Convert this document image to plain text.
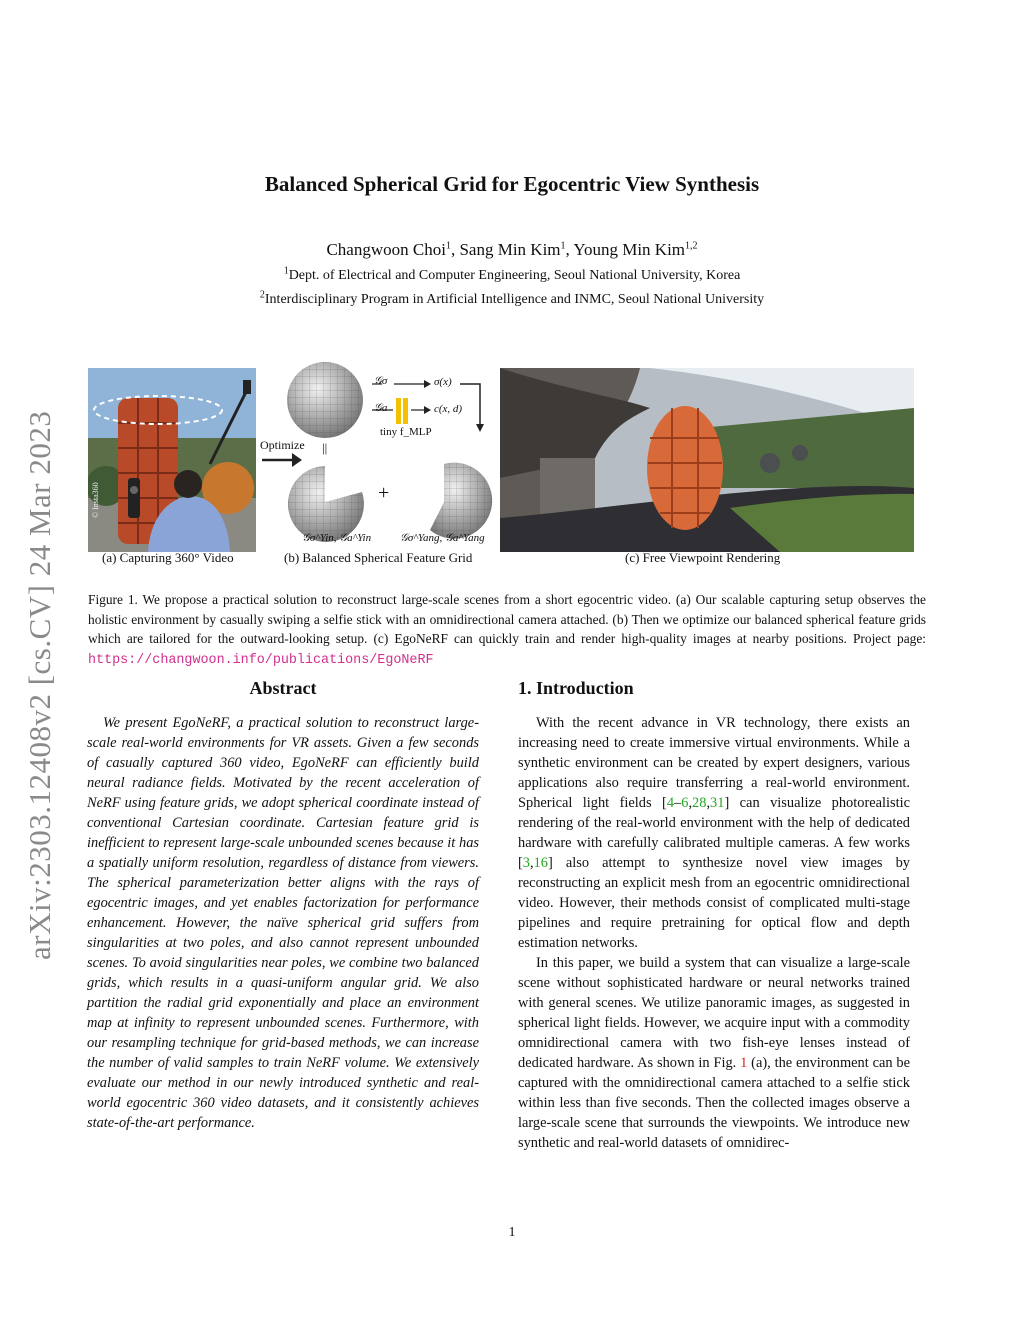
arXiv:2303.12408v2 [cs.CV] 24 Mar 2023
Balanced Spherical Grid for Egocentric View Synthesis
Changwoon Choi$^1$, Sang Min Kim$^1$, Young Min Kim$^{1,2}$
$^1$Dept. of Electrical and Computer Engineering, Seoul National University, Korea
$^2$Interdisciplinary Program in Artificial Intelligence and INMC, Seoul National University
© Insta360
𝒢σ
𝒢a
σ(x)
c(x, d)
tiny f_MLP
Optimize ||
+
𝒢σ^Yin, 𝒢a^Yin	𝒢σ^Yang, 𝒢a^Yang
(a) Capturing 360° Video	(b) Balanced Spherical Feature Grid	(c) Free Viewpoint Rendering
Figure 1. We propose a practical solution to reconstruct large-scale scenes from a short egocentric video. (a) Our scalable capturing setup observes the holistic environment by casually swiping a selfie stick with an omnidirectional camera attached. (b) Then we optimize our balanced spherical feature grids which are tailored for the outward-looking setup. (c) EgoNeRF can quickly train and render high-quality images at nearby positions. Project page: https://changwoon.info/publications/EgoNeRF
Abstract

We present EgoNeRF, a practical solution to reconstruct large-scale real-world environments for VR assets. Given a few seconds of casually captured 360 video, EgoNeRF can efficiently build neural radiance fields. Motivated by the recent acceleration of NeRF using feature grids, we adopt spherical coordinate instead of conventional Cartesian coordinate. Cartesian feature grid is inefficient to represent large-scale unbounded scenes because it has a spatially uniform resolution, regardless of distance from viewers. The spherical parameterization better aligns with the rays of egocentric images, and yet enables factorization for performance enhancement. However, the naïve spherical grid suffers from singularities at two poles, and also cannot represent unbounded scenes. To avoid singularities near poles, we combine two balanced grids, which results in a quasi-uniform angular grid. We also partition the radial grid exponentially and place an environment map at infinity to represent unbounded scenes. Furthermore, with our resampling technique for grid-based methods, we can increase the number of valid samples to train NeRF volume. We extensively evaluate our method in our newly introduced synthetic and real-world egocentric 360 video datasets, and it consistently achieves state-of-the-art performance.

1. Introduction

With the recent advance in VR technology, there exists an increasing need to create immersive virtual environments. While a synthetic environment can be created by expert designers, various applications also require transferring a real-world environment. Spherical light fields [4–6,28,31] can visualize photorealistic rendering of the real-world environment with the help of dedicated hardware with carefully calibrated multiple cameras. A few works [3,16] also attempt to synthesize novel view images by reconstructing an explicit mesh from an egocentric omnidirectional video. However, their methods consist of complicated multi-stage pipelines and require pretraining for optical flow and depth estimation networks.

In this paper, we build a system that can visualize a large-scale scene without sophisticated hardware or neural networks trained with general scenes. We utilize panoramic images, as suggested in spherical light fields. However, we acquire input with a commodity omnidirectional camera with two fish-eye lenses instead of dedicated hardware. As shown in Fig. 1 (a), the environment can be captured with the omnidirectional camera attached to a selfie stick within less than five seconds. Then the collected images observe a large-scale scene that surrounds the viewpoints. We introduce new synthetic and real-world datasets of omnidirec-

1
